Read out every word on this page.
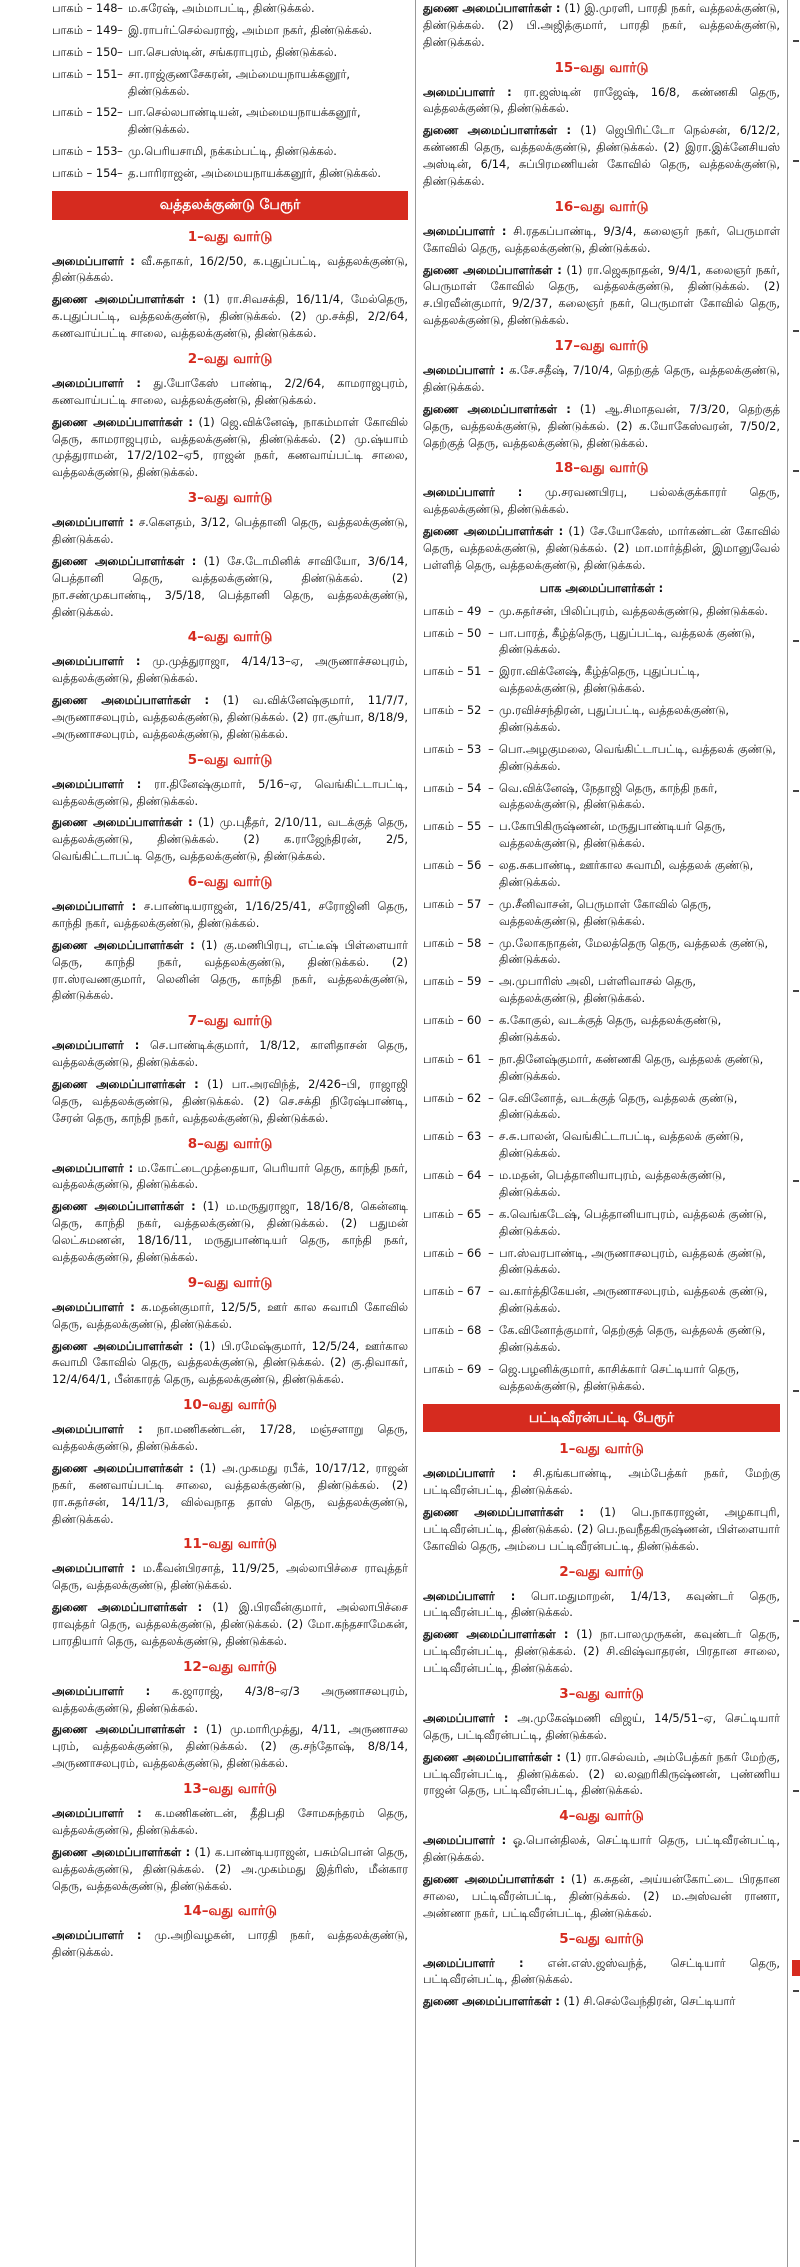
பாகம் – 148 – ம.சுரேஷ், அம்மாபட்டி, திண்டுக்கல்.
பாகம் – 149 – இ.ராபர்ட்செல்வராஜ், அம்மா நகர், திண்டுக்கல்.
பாகம் – 150 – பா.செபஸ்டின், சங்கராபுரம், திண்டுக்கல்.
பாகம் – 151 – சா.ராஜ்குணசேகரன், அம்மையநாயக்கனூர், திண்டுக்கல்.
பாகம் – 152 – பா.செல்லபாண்டியன், அம்மையநாயக்கனூர், திண்டுக்கல்.
பாகம் – 153 – மு.பெரியசாமி, நக்கம்பட்டி, திண்டுக்கல்.
பாகம் – 154 – த.பாரிராஜன், அம்மையநாயக்கனூர், திண்டுக்கல்.
வத்தலக்குண்டு பேரூர்
1–வது வார்டு

அமைப்பாளர் : வீ.சுதாகர், 16/2/50, க.புதுப்பட்டி, வத்தலக்குண்டு, திண்டுக்கல்.

துணை அமைப்பாளர்கள் : (1) ரா.சிவசக்தி, 16/11/4, மேல்தெரு, க.புதுப்பட்டி, வத்தலக்குண்டு, திண்டுக்கல். (2) மு.சக்தி, 2/2/64, கணவாய்பட்டி சாலை, வத்தலக்குண்டு, திண்டுக்கல்.

2–வது வார்டு

அமைப்பாளர் : து.யோகேஸ் பாண்டி, 2/2/64, காமராஜபுரம், கணவாய்பட்டி சாலை, வத்தலக்குண்டு, திண்டுக்கல்.

துணை அமைப்பாளர்கள் : (1) ஜெ.விக்னேஷ், நாகம்மாள் கோவில் தெரு, காமராஜபுரம், வத்தலக்குண்டு, திண்டுக்கல். (2) மு.ஷ்யாம் முத்துராமன், 17/2/102–ஏ5, ராஜன் நகர், கணவாய்பட்டி சாலை, வத்தலக்குண்டு, திண்டுக்கல்.

3–வது வார்டு

அமைப்பாளர் : ச.கௌதம், 3/12, பெத்தானி தெரு, வத்தலக்குண்டு, திண்டுக்கல்.

துணை அமைப்பாளர்கள் : (1) சே.டோமினிக் சாவியோ, 3/6/14, பெத்தானி தெரு, வத்தலக்குண்டு, திண்டுக்கல். (2) நா.சண்முகபாண்டி, 3/5/18, பெத்தானி தெரு, வத்தலக்குண்டு, திண்டுக்கல்.

4–வது வார்டு

அமைப்பாளர் : மு.முத்துராஜா, 4/14/13–ஏ, அருணாச்சலபுரம், வத்தலக்குண்டு, திண்டுக்கல்.

துணை அமைப்பாளர்கள் : (1) வ.விக்னேஷ்குமார், 11/7/7, அருணாசலபுரம், வத்தலக்குண்டு, திண்டுக்கல். (2) ரா.சூர்யா, 8/18/9, அருணாசலபுரம், வத்தலக்குண்டு, திண்டுக்கல்.

5–வது வார்டு

அமைப்பாளர் : ரா.தினேஷ்குமார், 5/16–ஏ, வெங்கிட்டாபட்டி, வத்தலக்குண்டு, திண்டுக்கல்.

துணை அமைப்பாளர்கள் : (1) மு.புதீதர், 2/10/11, வடக்குத் தெரு, வத்தலக்குண்டு, திண்டுக்கல். (2) க.ராஜேந்திரன், 2/5, வெங்கிட்டாபட்டி தெரு, வத்தலக்குண்டு, திண்டுக்கல்.

6–வது வார்டு

அமைப்பாளர் : ச.பாண்டியராஜன், 1/16/25/41, சரோஜினி தெரு, காந்தி நகர், வத்தலக்குண்டு, திண்டுக்கல்.

துணை அமைப்பாளர்கள் : (1) கு.மணிபிரபு, எட்டீஷ் பிள்ளையார் தெரு, காந்தி நகர், வத்தலக்குண்டு, திண்டுக்கல். (2) ரா.ஸ்ரவணகுமார், லெனின் தெரு, காந்தி நகர், வத்தலக்குண்டு, திண்டுக்கல்.

7–வது வார்டு

அமைப்பாளர் : செ.பாண்டிக்குமார், 1/8/12, காளிதாசன் தெரு, வத்தலக்குண்டு, திண்டுக்கல்.

துணை அமைப்பாளர்கள் : (1) பா.அரவிந்த், 2/426–பி, ராஜாஜி தெரு, வத்தலக்குண்டு, திண்டுக்கல். (2) செ.சக்தி நிரேஷ்பாண்டி, சேரன் தெரு, காந்தி நகர், வத்தலக்குண்டு, திண்டுக்கல்.

8–வது வார்டு

அமைப்பாளர் : ம.கோட்டைமுத்தையா, பெரியார் தெரு, காந்தி நகர், வத்தலக்குண்டு, திண்டுக்கல்.

துணை அமைப்பாளர்கள் : (1) ம.மருதுராஜா, 18/16/8, கென்னடி தெரு, காந்தி நகர், வத்தலக்குண்டு, திண்டுக்கல். (2) பதுமன் லெட்சுமணன், 18/16/11, மருதுபாண்டியர் தெரு, காந்தி நகர், வத்தலக்குண்டு, திண்டுக்கல்.

9–வது வார்டு

அமைப்பாளர் : க.மதன்குமார், 12/5/5, ஊர் கால சுவாமி கோவில் தெரு, வத்தலக்குண்டு, திண்டுக்கல்.

துணை அமைப்பாளர்கள் : (1) பி.ரமேஷ்குமார், 12/5/24, ஊர்கால சுவாமி கோவில் தெரு, வத்தலக்குண்டு, திண்டுக்கல். (2) கு.திவாகர், 12/4/64/1, பீன்காரத் தெரு, வத்தலக்குண்டு, திண்டுக்கல்.

10–வது வார்டு

அமைப்பாளர் : நா.மணிகண்டன், 17/28, மஞ்சளாறு தெரு, வத்தலக்குண்டு, திண்டுக்கல்.

துணை அமைப்பாளர்கள் : (1) அ.முகமது ரபீக், 10/17/12, ராஜன் நகர், கணவாய்பட்டி சாலை, வத்தலக்குண்டு, திண்டுக்கல். (2) ரா.சுதர்சன், 14/11/3, வில்வநாத தாஸ் தெரு, வத்தலக்குண்டு, திண்டுக்கல்.

11–வது வார்டு

அமைப்பாளர் : ம.கீவன்பிரசாத், 11/9/25, அல்லாபிச்சை ராவுத்தர் தெரு, வத்தலக்குண்டு, திண்டுக்கல்.

துணை அமைப்பாளர்கள் : (1) இ.பிரவீன்குமார், அல்லாபிச்சை ராவுத்தர் தெரு, வத்தலக்குண்டு, திண்டுக்கல். (2) மோ.கந்தசாமேகன், பாரதியார் தெரு, வத்தலக்குண்டு, திண்டுக்கல்.

12–வது வார்டு

அமைப்பாளர் : க.ஜாராஜ், 4/3/8–ஏ/3 அருணாசலபுரம், வத்தலக்குண்டு, திண்டுக்கல்.

துணை அமைப்பாளர்கள் : (1) மு.மாரிமுத்து, 4/11, அருணாசல புரம், வத்தலக்குண்டு, திண்டுக்கல். (2) கு.சந்தோஷ், 8/8/14, அருணாசலபுரம், வத்தலக்குண்டு, திண்டுக்கல்.

13–வது வார்டு

அமைப்பாளர் : க.மணிகண்டன், தீதிபதி சோமசுந்தரம் தெரு, வத்தலக்குண்டு, திண்டுக்கல்.

துணை அமைப்பாளர்கள் : (1) க.பாண்டியராஜன், பசும்பொன் தெரு, வத்தலக்குண்டு, திண்டுக்கல். (2) அ.முகம்மது இத்ரிஸ், மீன்கார தெரு, வத்தலக்குண்டு, திண்டுக்கல்.

14–வது வார்டு

அமைப்பாளர் : மு.அறிவழகன், பாரதி நகர், வத்தலக்குண்டு, திண்டுக்கல்.

துணை அமைப்பாளர்கள் : (1) இ.முரளி, பாரதி நகர், வத்தலக்குண்டு, திண்டுக்கல். (2) பி.அஜித்குமார், பாரதி நகர், வத்தலக்குண்டு, திண்டுக்கல்.

15–வது வார்டு

அமைப்பாளர் : ரா.ஜஸ்டின் ராஜேஷ், 16/8, கண்ணகி தெரு, வத்தலக்குண்டு, திண்டுக்கல்.

துணை அமைப்பாளர்கள் : (1) ஜெபிரிட்டோ நெல்சன், 6/12/2, கண்ணகி தெரு, வத்தலக்குண்டு, திண்டுக்கல். (2) இரா.இக்னேசியஸ் அஸ்டின், 6/14, சுப்பிரமணியன் கோவில் தெரு, வத்தலக்குண்டு, திண்டுக்கல்.

16–வது வார்டு

அமைப்பாளர் : சி.ரதகப்பாண்டி, 9/3/4, கலைஞர் நகர், பெருமாள் கோவில் தெரு, வத்தலக்குண்டு, திண்டுக்கல்.

துணை அமைப்பாளர்கள் : (1) ரா.ஜெகநாதன், 9/4/1, கலைஞர் நகர், பெருமாள் கோவில் தெரு, வத்தலக்குண்டு, திண்டுக்கல். (2) ச.பிரவீன்குமார், 9/2/37, கலைஞர் நகர், பெருமாள் கோவில் தெரு, வத்தலக்குண்டு, திண்டுக்கல்.

17–வது வார்டு

அமைப்பாளர் : க.சே.சதீஷ், 7/10/4, தெற்குத் தெரு, வத்தலக்குண்டு, திண்டுக்கல்.

துணை அமைப்பாளர்கள் : (1) ஆ.சிமாதவன், 7/3/20, தெற்குத் தெரு, வத்தலக்குண்டு, திண்டுக்கல். (2) க.யோகேஸ்வரன், 7/50/2, தெற்குத் தெரு, வத்தலக்குண்டு, திண்டுக்கல்.

18–வது வார்டு

அமைப்பாளர் : மு.சரவணபிரபு, பல்லக்குக்காரர் தெரு, வத்தலக்குண்டு, திண்டுக்கல்.

துணை அமைப்பாளர்கள் : (1) சே.யோகேஸ், மார்கண்டன் கோவில் தெரு, வத்தலக்குண்டு, திண்டுக்கல். (2) மா.மார்த்தின், இமானுவேல் பள்ளித் தெரு, வத்தலக்குண்டு, திண்டுக்கல்.

பாக அமைப்பாளர்கள் :
பாகம் – 49 – மு.சுதர்சன், பிலிப்புரம், வத்தலக்குண்டு, திண்டுக்கல்.
பாகம் – 50 – பா.பாரத், கீழ்த்தெரு, புதுப்பட்டி, வத்தலக் குண்டு, திண்டுக்கல்.
பாகம் – 51 – இரா.விக்னேஷ், கீழ்த்தெரு, புதுப்பட்டி, வத்தலக்குண்டு, திண்டுக்கல்.
பாகம் – 52 – மு.ரவிச்சந்திரன், புதுப்பட்டி, வத்தலக்குண்டு, திண்டுக்கல்.
பாகம் – 53 – பொ.அழகுமலை, வெங்கிட்டாபட்டி, வத்தலக் குண்டு, திண்டுக்கல்.
பாகம் – 54 – வெ.விக்னேஷ், நேதாஜி தெரு, காந்தி நகர், வத்தலக்குண்டு, திண்டுக்கல்.
பாகம் – 55 – ப.கோபிகிருஷ்ணன், மருதுபாண்டியர் தெரு, வத்தலக்குண்டு, திண்டுக்கல்.
பாகம் – 56 – லத.சுகபாண்டி, ஊர்கால சுவாமி, வத்தலக் குண்டு, திண்டுக்கல்.
பாகம் – 57 – மு.சீனிவாசன், பெருமாள் கோவில் தெரு, வத்தலக்குண்டு, திண்டுக்கல்.
பாகம் – 58 – மு.லோகநாதன், மேலத்தெரு தெரு, வத்தலக் குண்டு, திண்டுக்கல்.
பாகம் – 59 – அ.முபாரிஸ் அலி, பள்ளிவாசல் தெரு, வத்தலக்குண்டு, திண்டுக்கல்.
பாகம் – 60 – க.கோகுல், வடக்குத் தெரு, வத்தலக்குண்டு, திண்டுக்கல்.
பாகம் – 61 – நா.தினேஷ்குமார், கண்ணகி தெரு, வத்தலக் குண்டு, திண்டுக்கல்.
பாகம் – 62 – செ.வினோத், வடக்குத் தெரு, வத்தலக் குண்டு, திண்டுக்கல்.
பாகம் – 63 – ச.சு.பாலன், வெங்கிட்டாபட்டி, வத்தலக் குண்டு, திண்டுக்கல்.
பாகம் – 64 – ம.மதன், பெத்தானியாபுரம், வத்தலக்குண்டு, திண்டுக்கல்.
பாகம் – 65 – க.வெங்கடேஷ், பெத்தானியாபுரம், வத்தலக் குண்டு, திண்டுக்கல்.
பாகம் – 66 – பா.ஸ்வரபாண்டி, அருணாசலபுரம், வத்தலக் குண்டு, திண்டுக்கல்.
பாகம் – 67 – வ.கார்த்திகேயன், அருணாசலபுரம், வத்தலக் குண்டு, திண்டுக்கல்.
பாகம் – 68 – கே.வினோத்குமார், தெற்குத் தெரு, வத்தலக் குண்டு, திண்டுக்கல்.
பாகம் – 69 – ஜெ.பழனிக்குமார், காசிக்கார் செட்டியார் தெரு, வத்தலக்குண்டு, திண்டுக்கல்.
பட்டிவீரன்பட்டி பேரூர்
1–வது வார்டு

அமைப்பாளர் : சி.தங்கபாண்டி, அம்பேத்கர் நகர், மேற்கு பட்டிவீரன்பட்டி, திண்டுக்கல்.

துணை அமைப்பாளர்கள் : (1) பெ.நாகராஜன், அழகாபுரி, பட்டிவீரன்பட்டி, திண்டுக்கல். (2) பெ.நவநீதகிருஷ்ணன், பிள்ளையார் கோவில் தெரு, அம்பை பட்டிவீரன்பட்டி, திண்டுக்கல்.

2–வது வார்டு

அமைப்பாளர் : பொ.மதுமாறன், 1/4/13, கவுண்டர் தெரு, பட்டிவீரன்பட்டி, திண்டுக்கல்.

துணை அமைப்பாளர்கள் : (1) நா.பாலமுருகன், கவுண்டர் தெரு, பட்டிவீரன்பட்டி, திண்டுக்கல். (2) சி.விஷ்வாதரன், பிரதான சாலை, பட்டிவீரன்பட்டி, திண்டுக்கல்.

3–வது வார்டு

அமைப்பாளர் : அ.முகேஷ்மணி விஜய், 14/5/51–ஏ, செட்டியார் தெரு, பட்டிவீரன்பட்டி, திண்டுக்கல்.

துணை அமைப்பாளர்கள் : (1) ரா.செல்வம், அம்பேத்கர் நகர் மேற்கு, பட்டிவீரன்பட்டி, திண்டுக்கல். (2) ல.லஹரிகிருஷ்ணன், புண்ணிய ராஜன் தெரு, பட்டிவீரன்பட்டி, திண்டுக்கல்.

4–வது வார்டு

அமைப்பாளர் : ஓ.பொன்திலக், செட்டியார் தெரு, பட்டிவீரன்பட்டி, திண்டுக்கல்.

துணை அமைப்பாளர்கள் : (1) க.சுதன், அய்யன்கோட்டை பிரதான சாலை, பட்டிவீரன்பட்டி, திண்டுக்கல். (2) ம.அஸ்வன் ராணா, அண்ணா நகர், பட்டிவீரன்பட்டி, திண்டுக்கல்.

5–வது வார்டு

அமைப்பாளர் : என்.எஸ்.ஜஸ்வந்த், செட்டியார் தெரு, பட்டிவீரன்பட்டி, திண்டுக்கல்.

துணை அமைப்பாளர்கள் : (1) சி.செல்வேந்திரன், செட்டியார்
